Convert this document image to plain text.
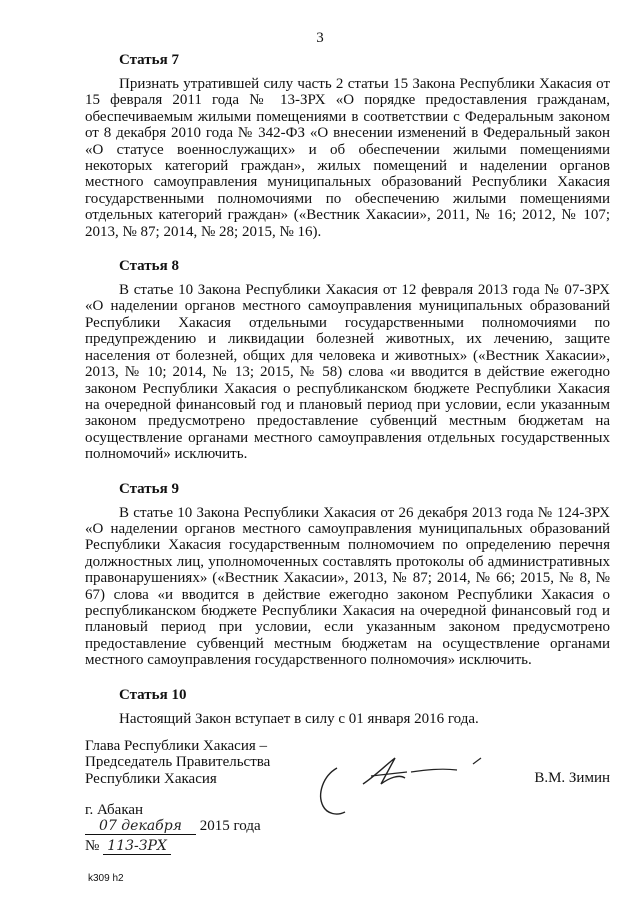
3
Статья 7

Признать утратившей силу часть 2 статьи 15 Закона Республики Хакасия от 15 февраля 2011 года № 13-ЗРХ «О порядке предоставления гражданам, обеспечиваемым жилыми помещениями в соответствии с Федеральным законом от 8 декабря 2010 года № 342-ФЗ «О внесении изменений в Федеральный закон «О статусе военнослужащих» и об обеспечении жилыми помещениями некоторых категорий граждан», жилых помещений и наделении органов местного самоуправления муниципальных образований Республики Хакасия государственными полномочиями по обеспечению жилыми помещениями отдельных категорий граждан» («Вестник Хакасии», 2011, № 16; 2012, № 107; 2013, № 87; 2014, № 28; 2015, № 16).

Статья 8

В статье 10 Закона Республики Хакасия от 12 февраля 2013 года № 07-ЗРХ «О наделении органов местного самоуправления муниципальных образований Республики Хакасия отдельными государственными полномочиями по предупреждению и ликвидации болезней животных, их лечению, защите населения от болезней, общих для человека и животных» («Вестник Хакасии», 2013, № 10; 2014, № 13; 2015, № 58) слова «и вводится в действие ежегодно законом Республики Хакасия о республиканском бюджете Республики Хакасия на очередной финансовый год и плановый период при условии, если указанным законом предусмотрено предоставление субвенций местным бюджетам на осуществление органами местного самоуправления отдельных государственных полномочий» исключить.

Статья 9

В статье 10 Закона Республики Хакасия от 26 декабря 2013 года № 124-ЗРХ «О наделении органов местного самоуправления муниципальных образований Республики Хакасия государственным полномочием по определению перечня должностных лиц, уполномоченных составлять протоколы об административных правонарушениях» («Вестник Хакасии», 2013, № 87; 2014, № 66; 2015, № 8, № 67) слова «и вводится в действие ежегодно законом Республики Хакасия о республиканском бюджете Республики Хакасия на очередной финансовый год и плановый период при условии, если указанным законом предусмотрено предоставление субвенций местным бюджетам на осуществление органами местного самоуправления государственного полномочия» исключить.

Статья 10

Настоящий Закон вступает в силу с 01 января 2016 года.

Глава Республики Хакасия –
Председатель Правительства
Республики Хакасия	В.М. Зимин
г. Абакан
07 декабря 2015 года
№ 113-ЗРХ
k309 h2
